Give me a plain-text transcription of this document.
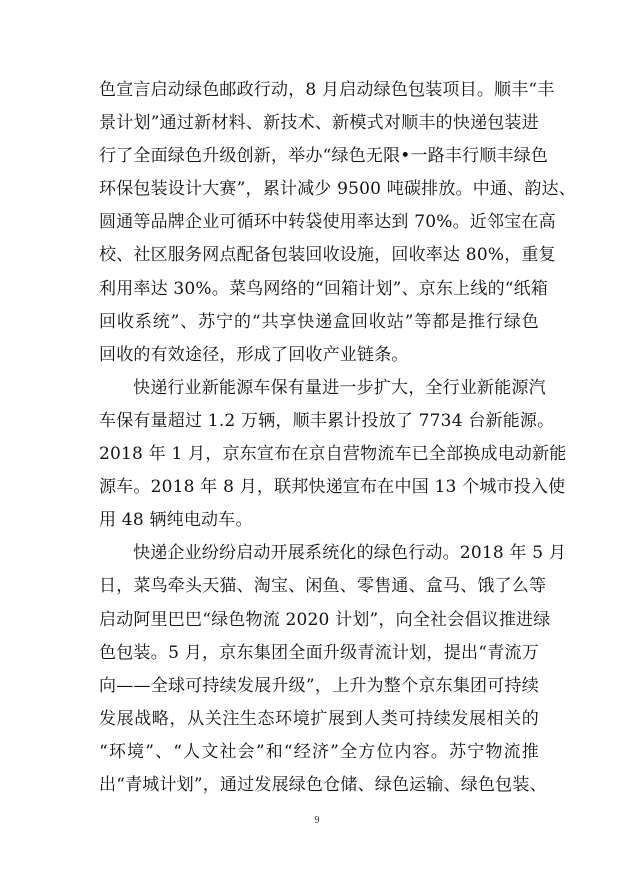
色宣言启动绿色邮政行动，8 月启动绿色包装项目。顺丰“丰
景计划”通过新材料、新技术、新模式对顺丰的快递包装进
行了全面绿色升级创新，举办“绿色无限•一路丰行顺丰绿色
环保包装设计大赛”，累计减少 9500 吨碳排放。中通、韵达、
圆通等品牌企业可循环中转袋使用率达到 70%。近邻宝在高
校、社区服务网点配备包装回收设施，回收率达 80%，重复
利用率达 30%。菜鸟网络的“回箱计划”、京东上线的“纸箱
回收系统”、苏宁的“共享快递盒回收站”等都是推行绿色
回收的有效途径，形成了回收产业链条。
快递行业新能源车保有量进一步扩大，全行业新能源汽
车保有量超过 1.2 万辆，顺丰累计投放了 7734 台新能源。
2018 年 1 月，京东宣布在京自营物流车已全部换成电动新能
源车。2018 年 8 月，联邦快递宣布在中国 13 个城市投入使
用 48 辆纯电动车。
快递企业纷纷启动开展系统化的绿色行动。2018 年 5 月
日，菜鸟牵头天猫、淘宝、闲鱼、零售通、盒马、饿了么等
启动阿里巴巴“绿色物流 2020 计划”，向全社会倡议推进绿
色包装。5 月，京东集团全面升级青流计划，提出“青流万
向——全球可持续发展升级”，上升为整个京东集团可持续
发展战略，从关注生态环境扩展到人类可持续发展相关的
“环境”、“人文社会”和“经济”全方位内容。苏宁物流推
出“青城计划”，通过发展绿色仓储、绿色运输、绿色包装、
9
